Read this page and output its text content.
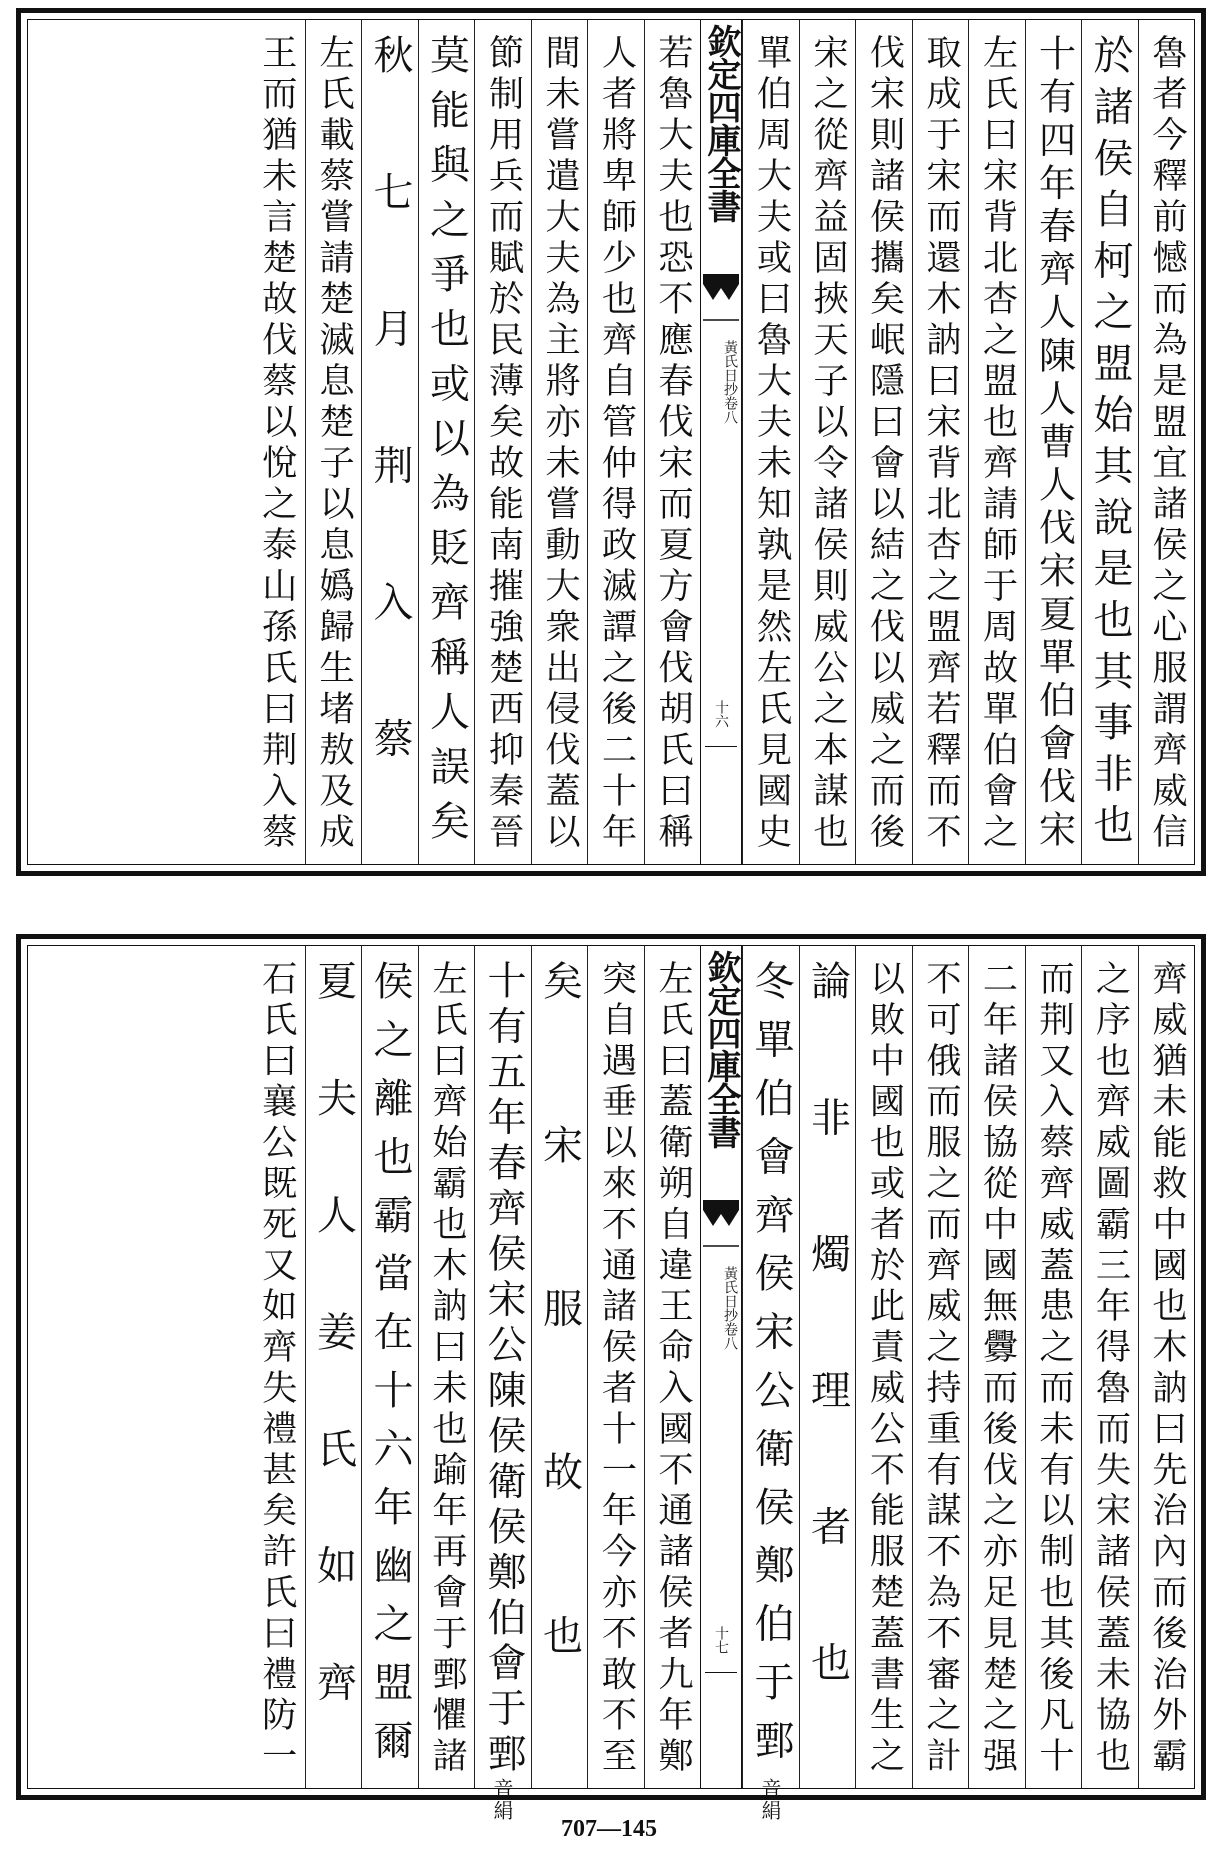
魯者今釋前憾而為是盟宜諸侯之心服謂齊威信
於諸侯自柯之盟始其說是也其事非也
十有四年春齊人陳人曹人伐宋夏單伯會伐宋
左氏曰宋背北杏之盟也齊請師于周故單伯會之
取成于宋而還木訥曰宋背北杏之盟齊若釋而不
伐宋則諸侯攜矣岷隱曰會以結之伐以威之而後
宋之從齊益固挾天子以令諸侯則威公之本謀也
單伯周大夫或曰魯大夫未知孰是然左氏見國史
欽定四庫全書
黃氏日抄卷八
十六
若魯大夫也恐不應春伐宋而夏方會伐胡氏曰稱
人者將卑師少也齊自管仲得政滅譚之後二十年
間未嘗遣大夫為主將亦未嘗動大衆出侵伐蓋以
節制用兵而賦於民薄矣故能南摧強楚西抑秦晉
莫能與之爭也或以為貶齊稱人誤矣
秋七月荆入蔡
左氏載蔡嘗請楚滅息楚子以息嬀歸生堵敖及成
王而猶未言楚故伐蔡以悅之泰山孫氏曰荆入蔡
齊威猶未能救中國也木訥曰先治內而後治外霸
之序也齊威圖霸三年得魯而失宋諸侯蓋未協也
而荆又入蔡齊威蓋患之而未有以制也其後凡十
二年諸侯協從中國無釁而後伐之亦足見楚之强
不可俄而服之而齊威之持重有謀不為不審之計
以敗中國也或者於此責威公不能服楚蓋書生之
論非燭理者也
冬單伯會齊侯宋公衛侯鄭伯于鄄
音絹
欽定四庫全書
黃氏日抄卷八
十七
左氏曰蓋衛朔自違王命入國不通諸侯者九年鄭
突自遇垂以來不通諸侯者十一年今亦不敢不至
矣宋服故也
十有五年春齊侯宋公陳侯衛侯鄭伯會于鄄
音絹
左氏曰齊始霸也木訥曰未也踰年再會于鄄懼諸
侯之離也霸當在十六年幽之盟爾
夏夫人姜氏如齊
石氏曰襄公既死又如齊失禮甚矣許氏曰禮防一
707—145
